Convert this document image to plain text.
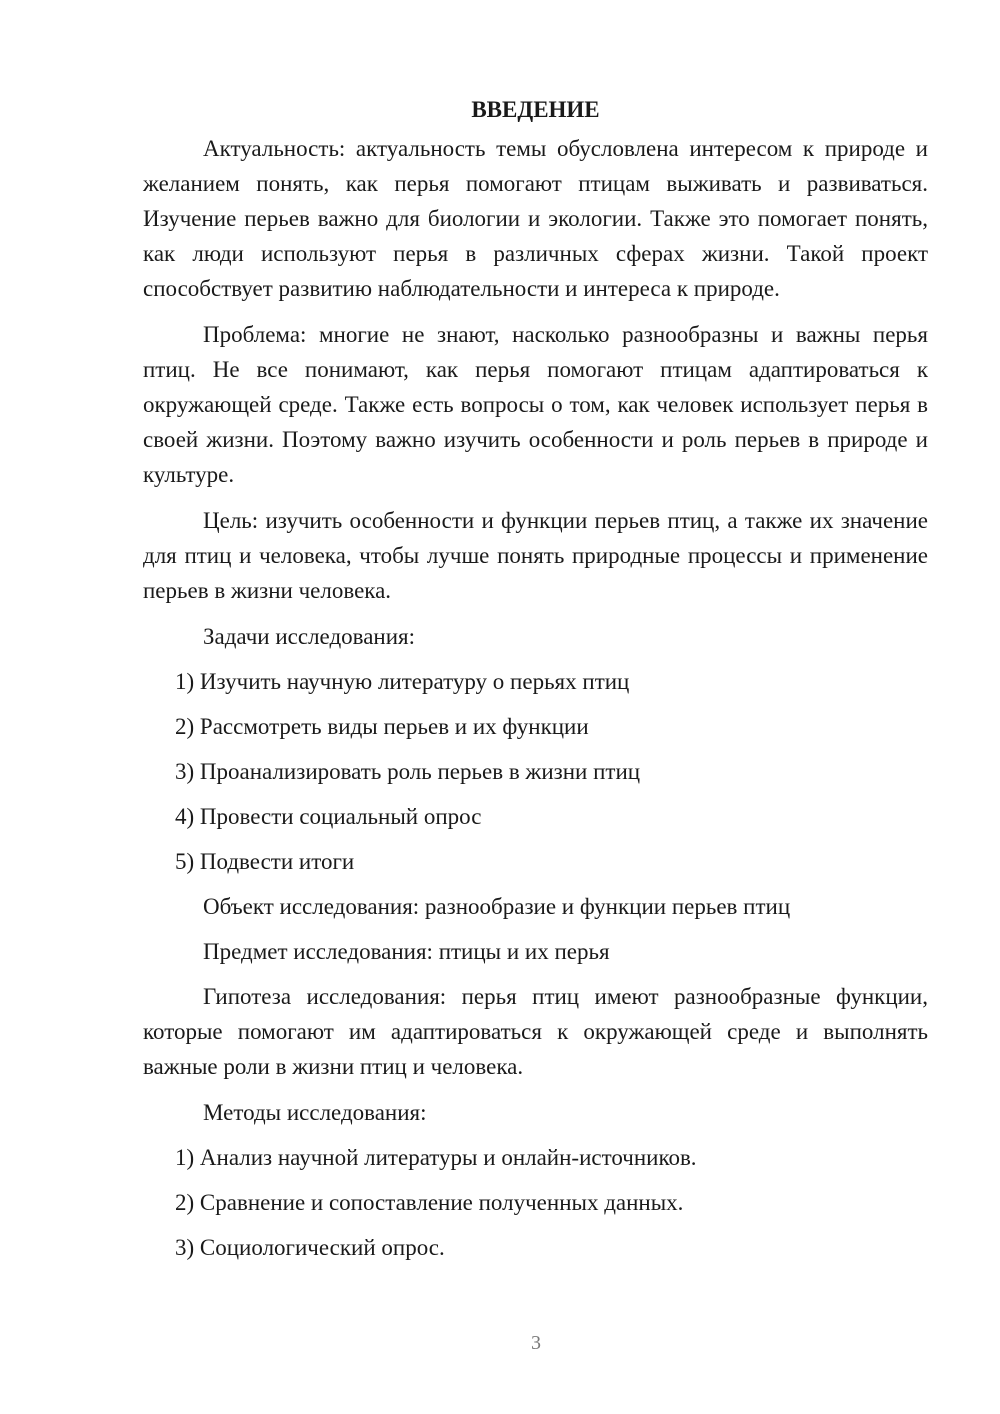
ВВЕДЕНИЕ

Актуальность: актуальность темы обусловлена интересом к природе и желанием понять, как перья помогают птицам выживать и развиваться. Изучение перьев важно для биологии и экологии. Также это помогает понять, как люди используют перья в различных сферах жизни. Такой проект способствует развитию наблюдательности и интереса к природе.

Проблема: многие не знают, насколько разнообразны и важны перья птиц. Не все понимают, как перья помогают птицам адаптироваться к окружающей среде. Также есть вопросы о том, как человек использует перья в своей жизни. Поэтому важно изучить особенности и роль перьев в природе и культуре.

Цель: изучить особенности и функции перьев птиц, а также их значение для птиц и человека, чтобы лучше понять природные процессы и применение перьев в жизни человека.

Задачи исследования:
1) Изучить научную литературу о перьях птиц
2) Рассмотреть виды перьев и их функции
3) Проанализировать роль перьев в жизни птиц
4) Провести социальный опрос
5) Подвести итоги
Объект исследования: разнообразие и функции перьев птиц
Предмет исследования: птицы и их перья

Гипотеза исследования: перья птиц имеют разнообразные функции, которые помогают им адаптироваться к окружающей среде и выполнять важные роли в жизни птиц и человека.

Методы исследования:
1) Анализ научной литературы и онлайн-источников.
2) Сравнение и сопоставление полученных данных.
3) Социологический опрос.
3
